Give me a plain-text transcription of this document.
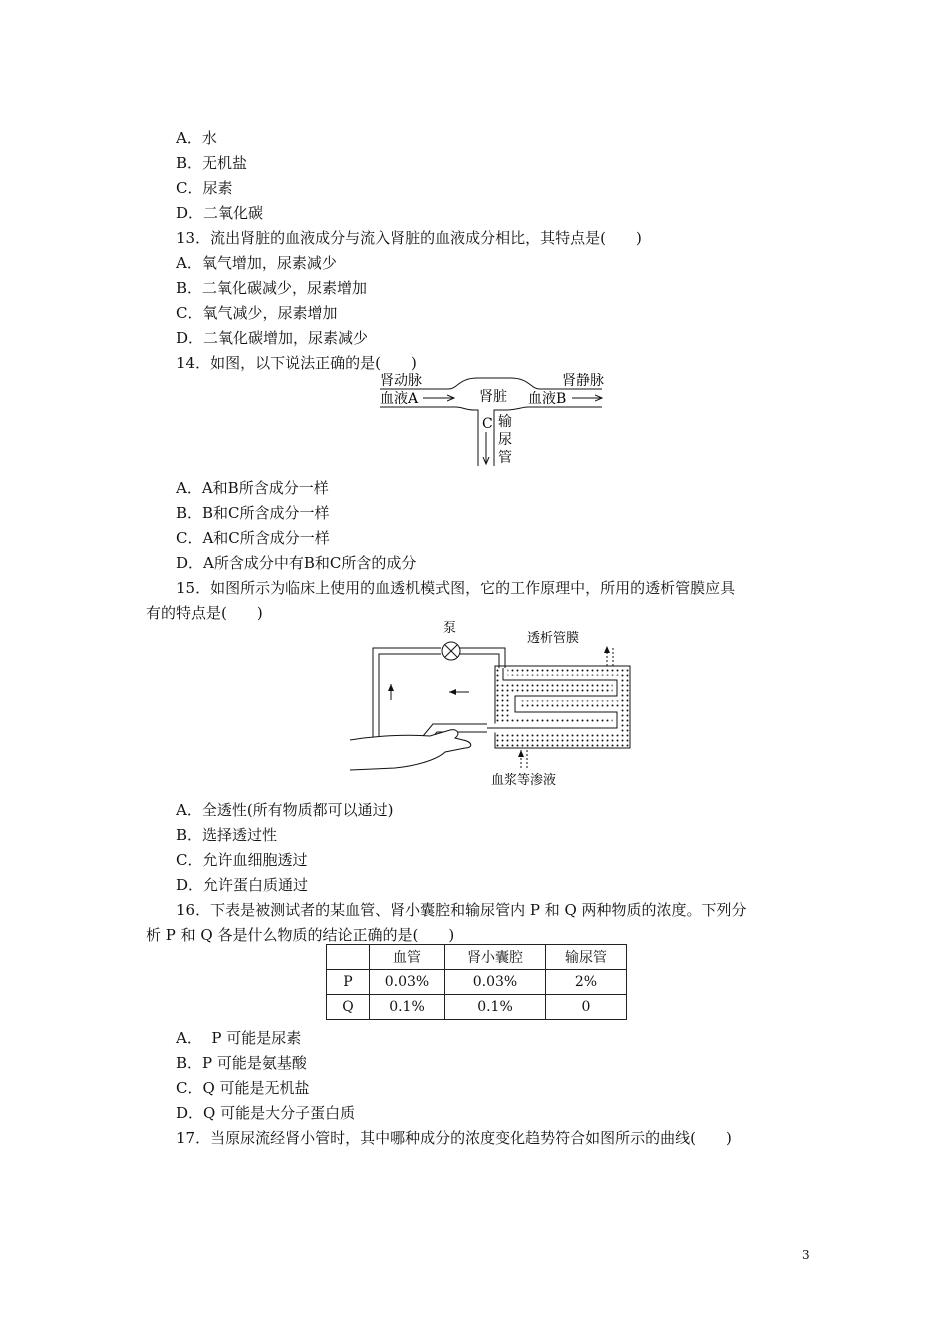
A．水
B．无机盐
C．尿素
D．二氧化碳
13．流出肾脏的血液成分与流入肾脏的血液成分相比，其特点是(　　)
A．氧气增加，尿素减少
B．二氧化碳减少，尿素增加
C．氧气减少，尿素增加
D．二氧化碳增加，尿素减少
14．如图，以下说法正确的是(　　)
肾动脉
血液A	肾脏
肾静脉
血液B
C 输
尿
管
A．A和B所含成分一样
B．B和C所含成分一样
C．A和C所含成分一样
D．A所含成分中有B和C所含的成分
15．如图所示为临床上使用的血透机模式图，它的工作原理中，所用的透析管膜应具
有的特点是(　　)
泵
透析管膜
血浆等渗液
A．全透性(所有物质都可以通过)
B．选择透过性
C．允许血细胞透过
D．允许蛋白质通过
16．下表是被测试者的某血管、肾小囊腔和输尿管内 P 和 Q 两种物质的浓度。下列分
析 P 和 Q 各是什么物质的结论正确的是(　　)
	血管	肾小囊腔	输尿管
P	0.03%	0.03%	2%
Q	0.1%	0.1%	0
A．  P 可能是尿素
B．P 可能是氨基酸
C．Q 可能是无机盐
D．Q 可能是大分子蛋白质
17．当原尿流经肾小管时，其中哪种成分的浓度变化趋势符合如图所示的曲线(　　)
3
